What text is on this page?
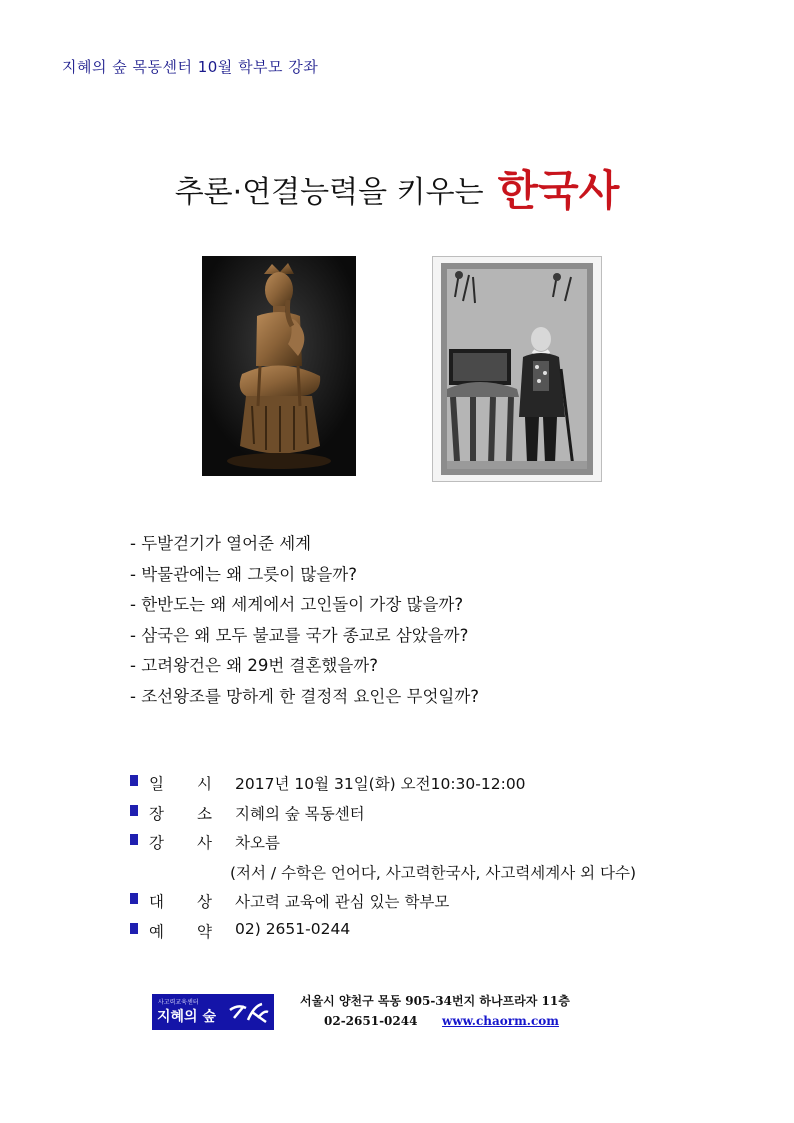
지혜의 숲 목동센터 10월 학부모 강좌
추론·연결능력을 키우는 한국사
- 두발걷기가 열어준 세계
- 박물관에는 왜 그릇이 많을까?
- 한반도는 왜 세계에서 고인돌이 가장 많을까?
- 삼국은 왜 모두 불교를 국가 종교로 삼았을까?
- 고려왕건은 왜 29번 결혼했을까?
- 조선왕조를 망하게 한 결정적 요인은 무엇일까?
일 시	2017년 10월 31일(화) 오전10:30-12:00
장 소	지혜의 숲 목동센터
강 사	차오름
(저서 / 수학은 언어다, 사고력한국사, 사고력세계사 외 다수)
대 상	사고력 교육에 관심 있는 학부모
예 약	02) 2651-0244
사고력교육센터
지혜의 숲
서울시 양천구 목동 905-34번지 하나프라자 11층
02-2651-0244 www.chaorm.com
